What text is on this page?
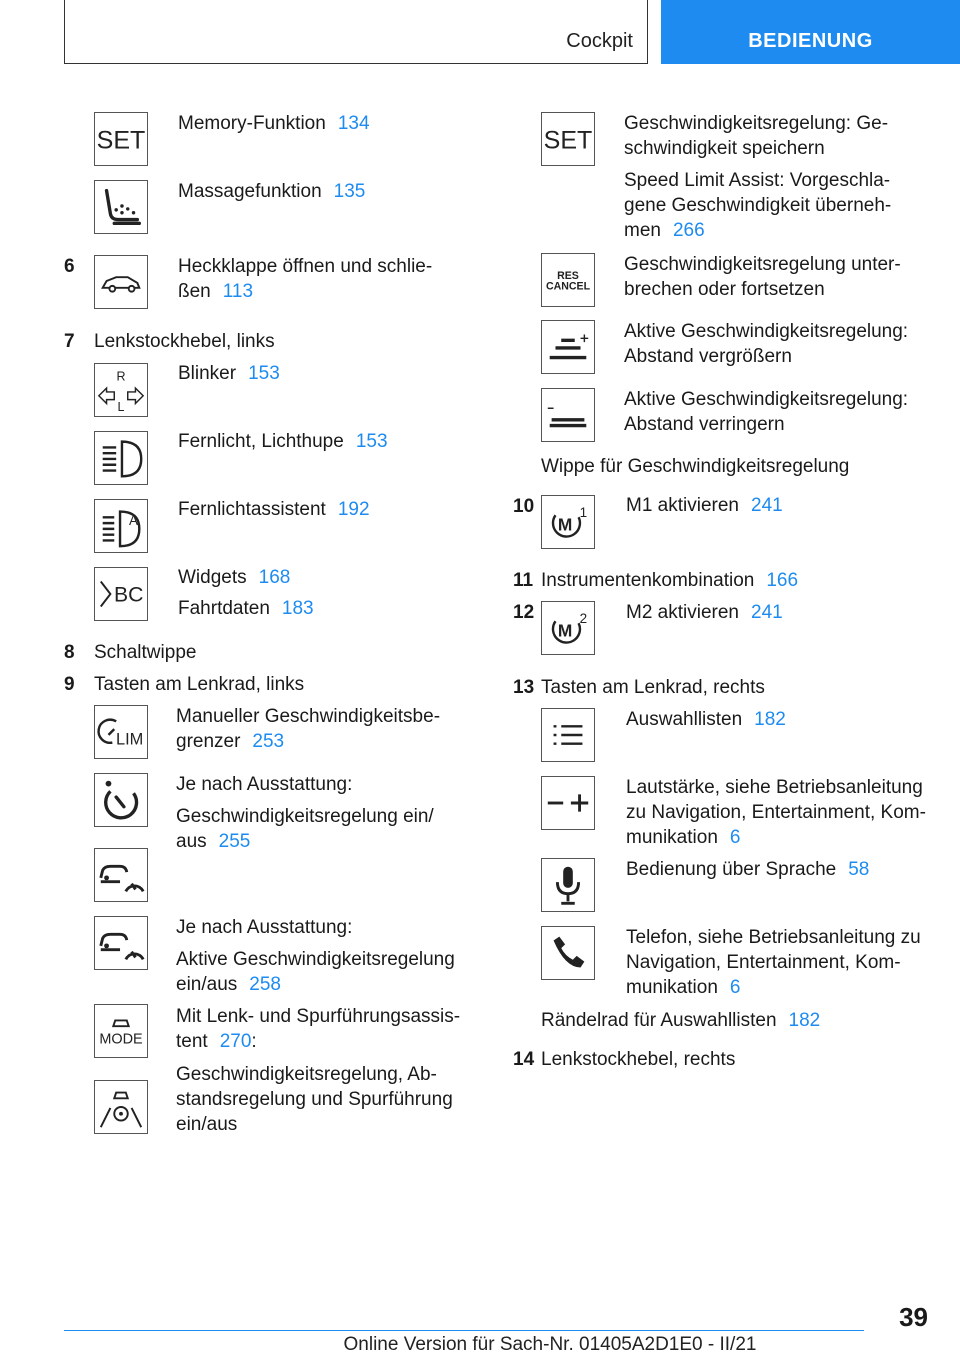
Cockpit	BEDIENUNG
SET
Memory-Funktion 134
Massagefunktion 135
6	Heckklappe öffnen und schlie-
ßen 113
7 Lenkstockhebel, links
R
L
Blinker 153
Fernlicht, Lichthupe 153
A
Fernlichtassistent 192
BC
Widgets 168
Fahrtdaten 183
8 Schaltwippe
9 Tasten am Lenkrad, links
LIM
Manueller Geschwindigkeitsbe-
grenzer 253
Je nach Ausstattung:
Geschwindigkeitsregelung ein/
aus 255
Je nach Ausstattung:
Aktive Geschwindigkeitsregelung
ein/aus 258
MODE
Mit Lenk- und Spurführungsassis-
tent 270:
Geschwindigkeitsregelung, Ab-
standsregelung und Spurführung
ein/aus
SET
Geschwindigkeitsregelung: Ge-
schwindigkeit speichern
Speed Limit Assist: Vorgeschla-
gene Geschwindigkeit überneh-
men 266
RES
CANCEL
Geschwindigkeitsregelung unter-
brechen oder fortsetzen
Aktive Geschwindigkeitsregelung:
Abstand vergrößern
Aktive Geschwindigkeitsregelung:
Abstand verringern
Wippe für Geschwindigkeitsregelung
10
M
1 M1 aktivieren 241
11 Instrumentenkombination 166
12
M
2 M2 aktivieren 241
13 Tasten am Lenkrad, rechts
Auswahllisten 182
Lautstärke, siehe Betriebsanleitung
zu Navigation, Entertainment, Kom-
munikation 6
Bedienung über Sprache 58
Telefon, siehe Betriebsanleitung zu
Navigation, Entertainment, Kom-
munikation 6
Rändelrad für Auswahllisten 182
14 Lenkstockhebel, rechts
39
Online Version für Sach-Nr. 01405A2D1E0 - II/21
